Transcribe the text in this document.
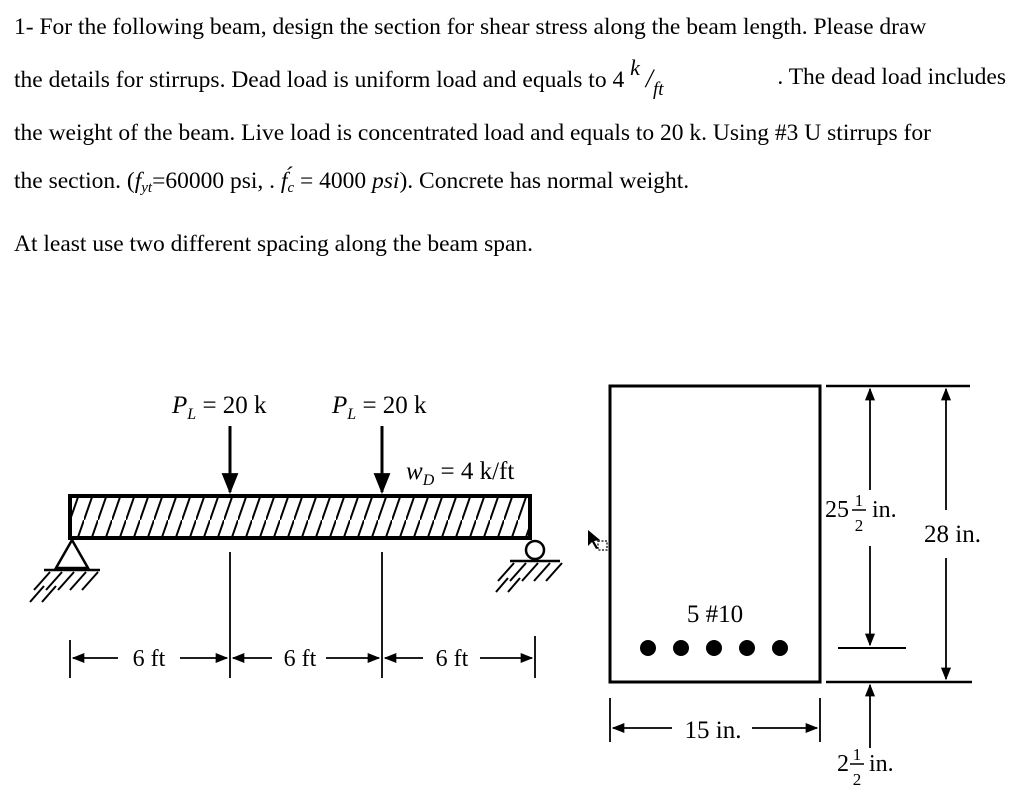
1- For the following beam, design the section for shear stress along the beam length. Please draw
the details for stirrups. Dead load is uniform load and equals to 4 k $/_{ft}$	. The dead load includes
the weight of the beam. Live load is concentrated load and equals to 20 k. Using #3 U stirrups for
the section. ($f_{yt}=60000$ psi, . $f́_c = 4000$ psi). Concrete has normal weight.
At least use two different spacing along the beam span.
$P_L = 20$ k	$P_L = 20$ k
$w_D = 4$ k/ft
6 ft	6 ft	6 ft
5 #10
15 in.
25 1
2
in.
28 in.
2 1
2
in.
